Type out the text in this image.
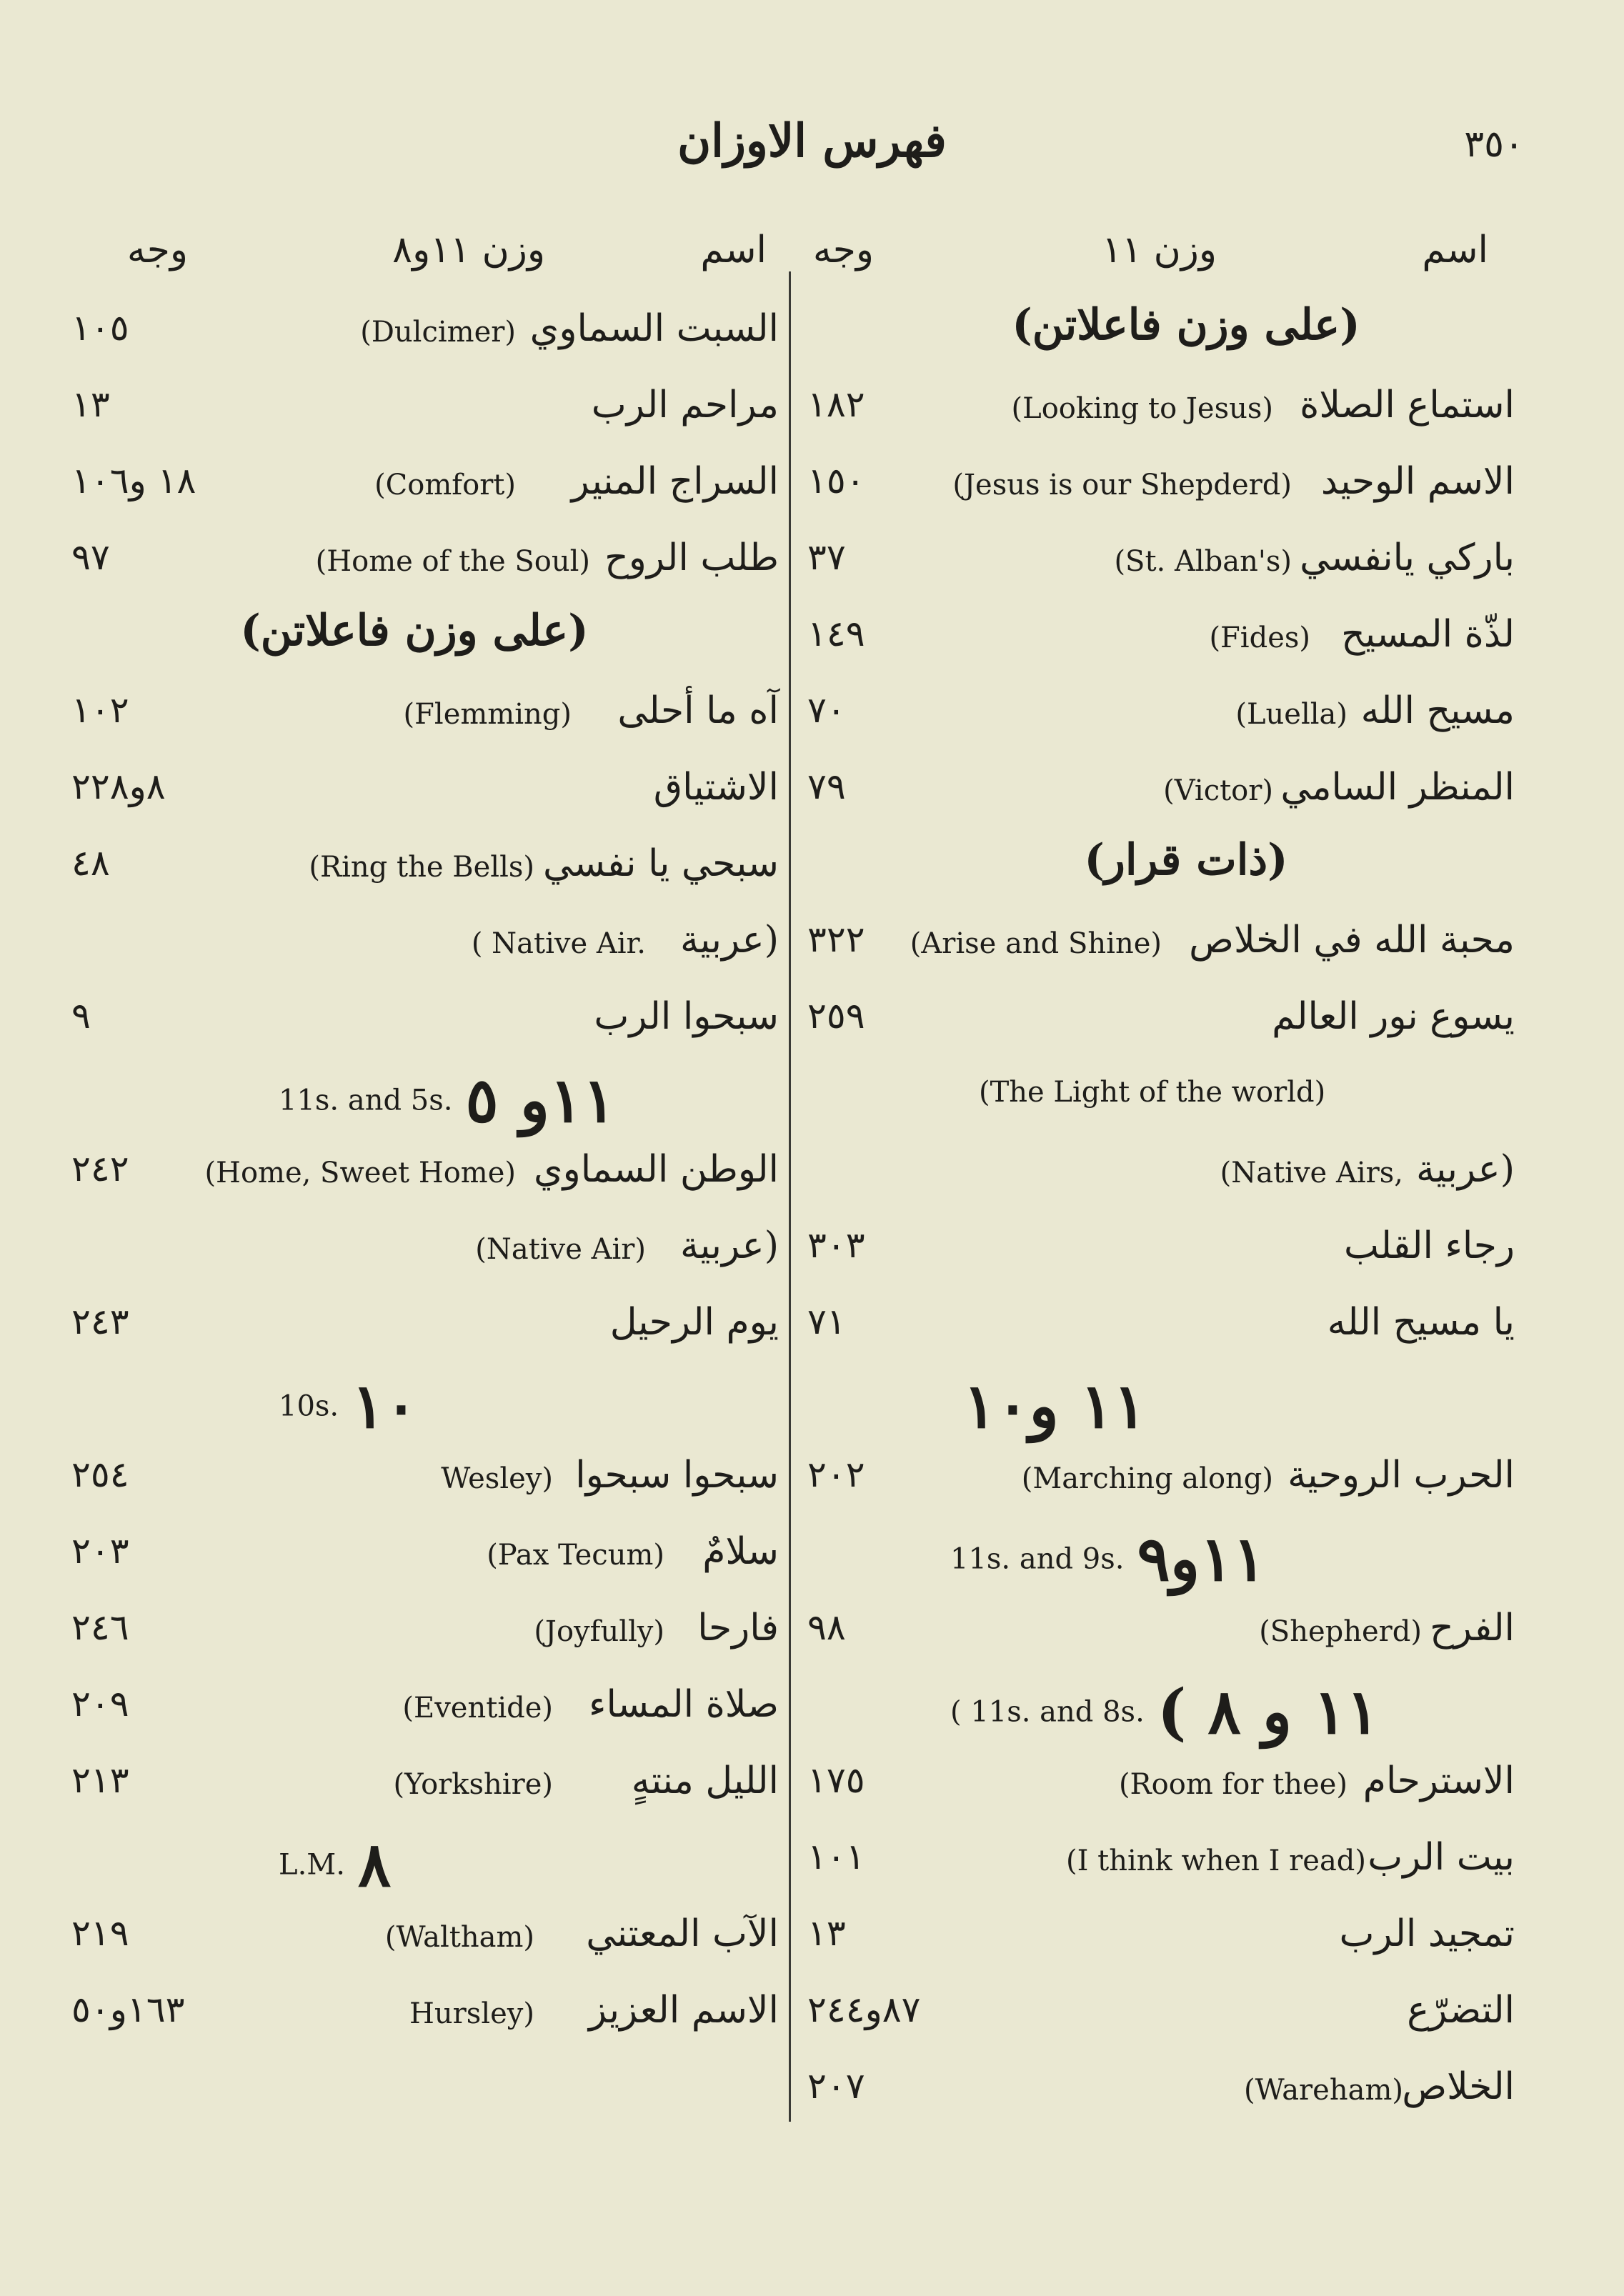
فهرس الاوزان	٣٥٠
اسم
وزن ١١
وجه
اسم
وزن ١١و٨
وجه
(على وزن فاعلاتن)
استماع الصلاة
(Looking to Jesus)
١٨٢
الاسم الوحيد
(Jesus is our Shepderd)
١٥٠
باركي يانفسي
(St. Alban's)
٣٧
لذّة المسيح
(Fides)
١٤٩
مسيح الله
(Luella)
٧٠
المنظر السامي
(Victor)
٧٩
(ذات قرار)
محبة الله في الخلاص
(Arise and Shine)
٣٢٢
يسوع نور العالم
٢٥٩
(The Light of the world)
(عربية
(Native Airs,
رجاء القلب
٣٠٣
يا مسيح الله
٧١
١١ و١٠
الحرب الروحية
(Marching along)
٢٠٢
11s. and 9s. ١١و٩
الفرح
(Shepherd)
٩٨
( 11s. and 8s. ( ١١ و ٨
الاسترحام
(Room for thee)
١٧٥
بيت الرب
(I think when I read)
١٠١
تمجيد الرب
١٣
التضرّع
٨٧و٢٤٤
الخلاص
(Wareham)
٢٠٧
السبت السماوي
(Dulcimer)
١٠٥
مراحم الرب
١٣
السراج المنير
(Comfort)
١٨ و١٠٦
طلب الروح
(Home of the Soul)
٩٧
(على وزن فاعلاتن)
آه ما أحلى
(Flemming)
١٠٢
الاشتياق
٨و٢٢٨
سبحي يا نفسي
(Ring the Bells)
٤٨
(عربية
( Native Air.
سبحوا الرب
٩
11s. and 5s. ١١و ٥
الوطن السماوي
(Home, Sweet Home)
٢٤٢
(عربية
(Native Air)
يوم الرحيل
٢٤٣
10s. ١٠
سبحوا سبحوا
Wesley)
٢٥٤
سلامٌ
(Pax Tecum)
٢٠٣
فارحا
(Joyfully)
٢٤٦
صلاة المساء
(Eventide)
٢٠٩
الليل منتهٍ
(Yorkshire)
٢١٣
L.M. ٨
الآب المعتني
(Waltham)
٢١٩
الاسم العزيز
Hursley)
١٦٣و٥٠
